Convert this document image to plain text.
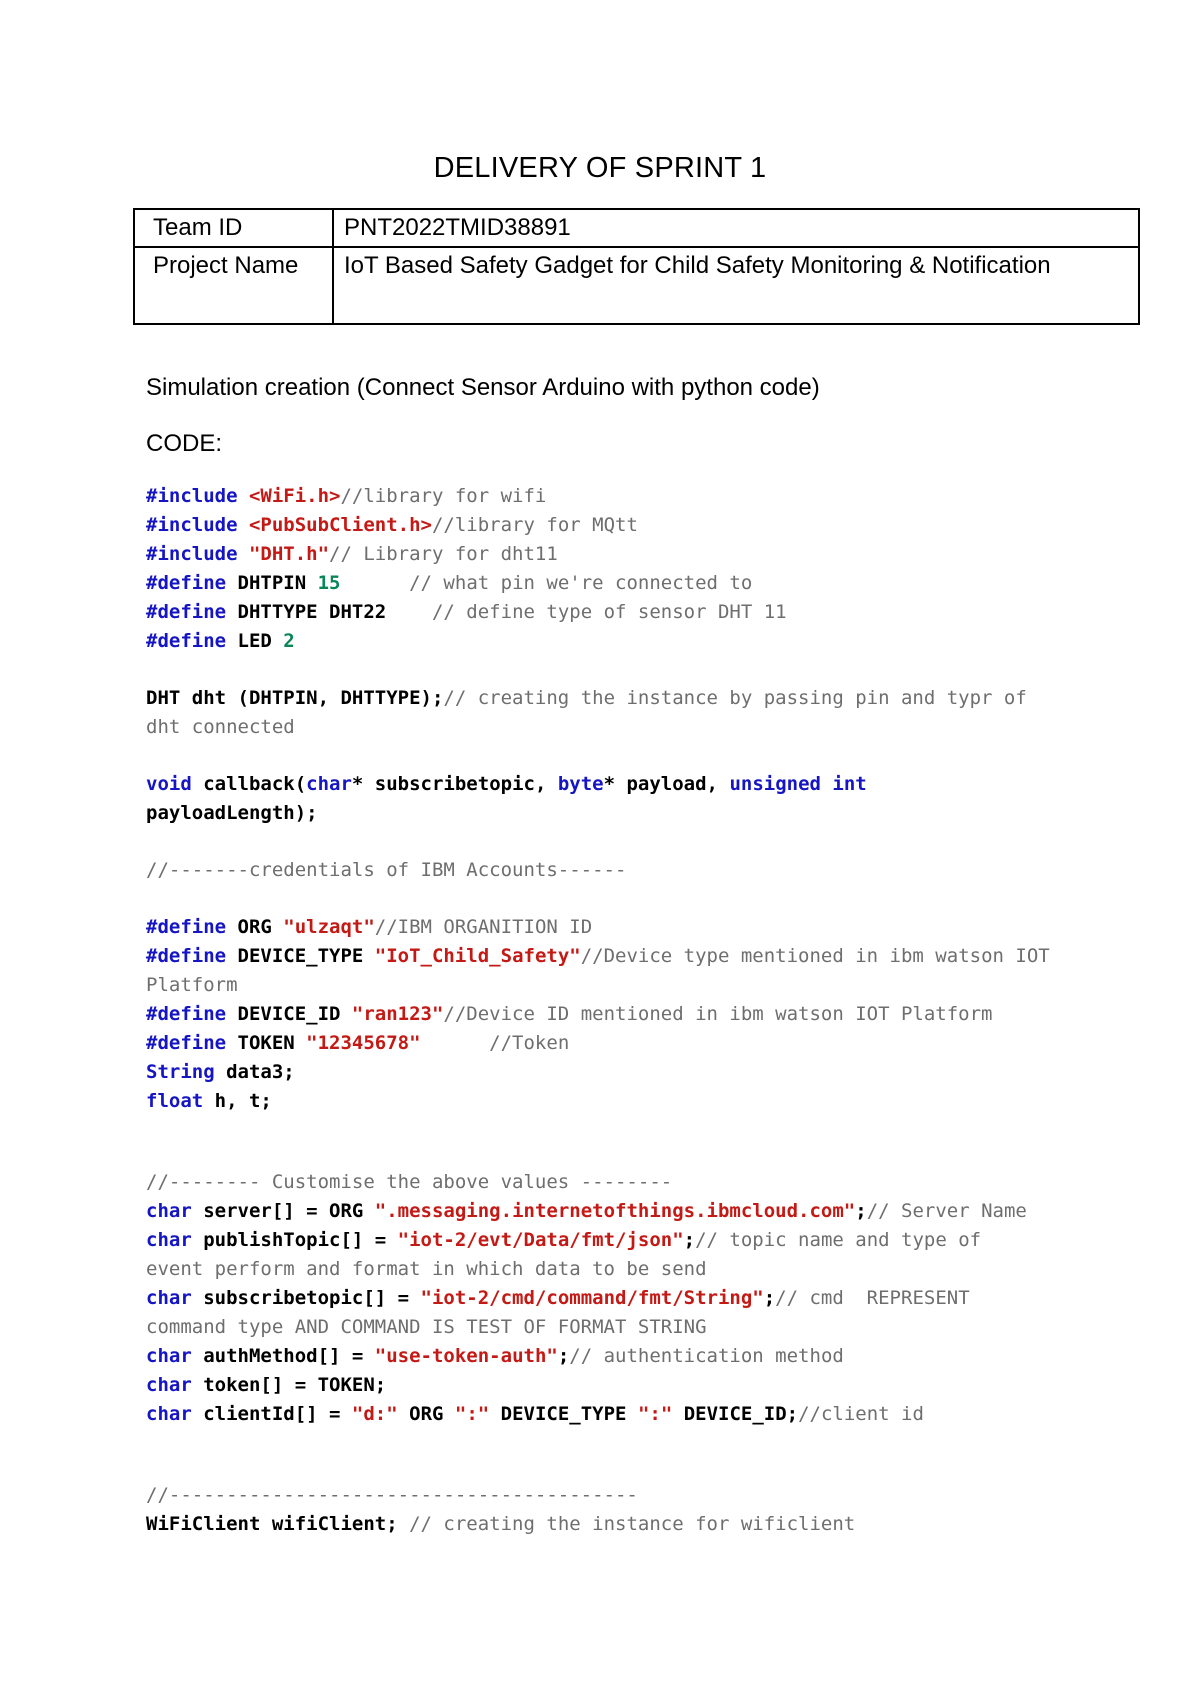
DELIVERY OF SPRINT 1
Team ID	PNT2022TMID38891
Project Name	IoT Based Safety Gadget for Child Safety Monitoring & Notification
Simulation creation (Connect Sensor Arduino with python code)
CODE:
#include <WiFi.h>//library for wifi
#include <PubSubClient.h>//library for MQtt
#include "DHT.h"// Library for dht11
#define DHTPIN 15      // what pin we're connected to
#define DHTTYPE DHT22    // define type of sensor DHT 11
#define LED 2
DHT dht (DHTPIN, DHTTYPE);// creating the instance by passing pin and typr of
dht connected
void callback(char* subscribetopic, byte* payload, unsigned int
payloadLength);
//-------credentials of IBM Accounts------
#define ORG "ulzaqt"//IBM ORGANITION ID
#define DEVICE_TYPE "IoT_Child_Safety"//Device type mentioned in ibm watson IOT
Platform
#define DEVICE_ID "ran123"//Device ID mentioned in ibm watson IOT Platform
#define TOKEN "12345678"      //Token
String data3;
float h, t;
//-------- Customise the above values --------
char server[] = ORG ".messaging.internetofthings.ibmcloud.com";// Server Name
char publishTopic[] = "iot-2/evt/Data/fmt/json";// topic name and type of
event perform and format in which data to be send
char subscribetopic[] = "iot-2/cmd/command/fmt/String";// cmd  REPRESENT
command type AND COMMAND IS TEST OF FORMAT STRING
char authMethod[] = "use-token-auth";// authentication method
char token[] = TOKEN;
char clientId[] = "d:" ORG ":" DEVICE_TYPE ":" DEVICE_ID;//client id
//-----------------------------------------
WiFiClient wifiClient; // creating the instance for wificlient
